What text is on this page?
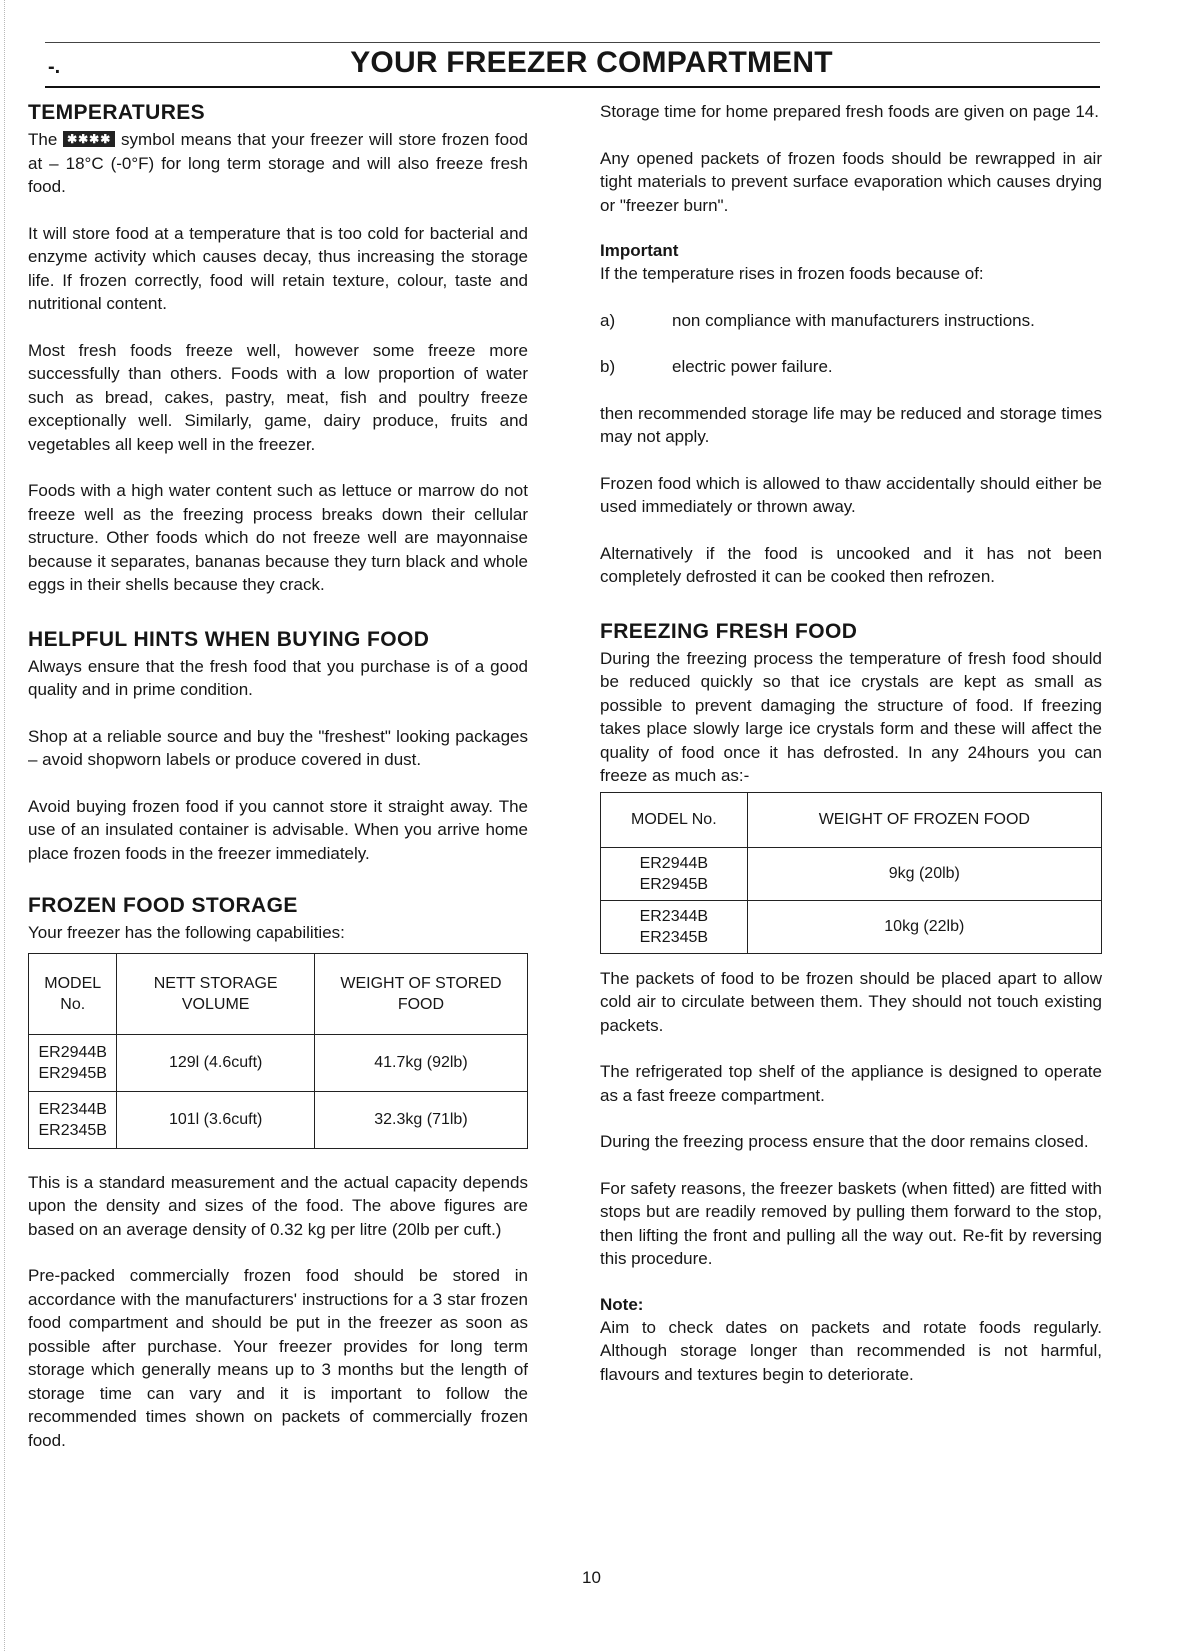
-.	YOUR FREEZER COMPARTMENT
TEMPERATURES

The ✱✱✱✱ symbol means that your freezer will store frozen food at – 18°C (-0°F) for long term storage and will also freeze fresh food.

It will store food at a temperature that is too cold for bacterial and enzyme activity which causes decay, thus increasing the storage life. If frozen correctly, food will retain texture, colour, taste and nutritional content.

Most fresh foods freeze well, however some freeze more successfully than others. Foods with a low proportion of water such as bread, cakes, pastry, meat, fish and poultry freeze exceptionally well. Similarly, game, dairy produce, fruits and vegetables all keep well in the freezer.

Foods with a high water content such as lettuce or marrow do not freeze well as the freezing process breaks down their cellular structure. Other foods which do not freeze well are mayonnaise because it separates, bananas because they turn black and whole eggs in their shells because they crack.

HELPFUL HINTS WHEN BUYING FOOD

Always ensure that the fresh food that you purchase is of a good quality and in prime condition.

Shop at a reliable source and buy the "freshest" looking packages – avoid shopworn labels or produce covered in dust.

Avoid buying frozen food if you cannot store it straight away. The use of an insulated container is advisable. When you arrive home place frozen foods in the freezer immediately.

FROZEN FOOD STORAGE

Your freezer has the following capabilities:

MODEL No.	NETT STORAGE VOLUME	WEIGHT OF STORED FOOD

ER2944B
ER2945B	129l (4.6cuft)	41.7kg (92lb)

ER2344B
ER2345B	101l (3.6cuft)	32.3kg (71lb)

This is a standard measurement and the actual capacity depends upon the density and sizes of the food. The above figures are based on an average density of 0.32 kg per litre (20lb per cuft.)

Pre-packed commercially frozen food should be stored in accordance with the manufacturers' instructions for a 3 star frozen food compartment and should be put in the freezer as soon as possible after purchase. Your freezer provides for long term storage which generally means up to 3 months but the length of storage time can vary and it is important to follow the recommended times shown on packets of commercially frozen food.

Storage time for home prepared fresh foods are given on page 14.

Any opened packets of frozen foods should be rewrapped in air tight materials to prevent surface evaporation which causes drying or "freezer burn".

Important

If the temperature rises in frozen foods because of:

a)	non compliance with manufacturers instructions.
b)	electric power failure.

then recommended storage life may be reduced and storage times may not apply.

Frozen food which is allowed to thaw accidentally should either be used immediately or thrown away.

Alternatively if the food is uncooked and it has not been completely defrosted it can be cooked then refrozen.

FREEZING FRESH FOOD

During the freezing process the temperature of fresh food should be reduced quickly so that ice crystals are kept as small as possible to prevent damaging the structure of food. If freezing takes place slowly large ice crystals form and these will affect the quality of food once it has defrosted. In any 24hours you can freeze as much as:-

MODEL No.	WEIGHT OF FROZEN FOOD

ER2944B
ER2945B	9kg (20lb)

ER2344B
ER2345B	10kg (22lb)

The packets of food to be frozen should be placed apart to allow cold air to circulate between them. They should not touch existing packets.

The refrigerated top shelf of the appliance is designed to operate as a fast freeze compartment.

During the freezing process ensure that the door remains closed.

For safety reasons, the freezer baskets (when fitted) are fitted with stops but are readily removed by pulling them forward to the stop, then lifting the front and pulling all the way out. Re-fit by reversing this procedure.

Note:

Aim to check dates on packets and rotate foods regularly. Although storage longer than recommended is not harmful, flavours and textures begin to deteriorate.

10
